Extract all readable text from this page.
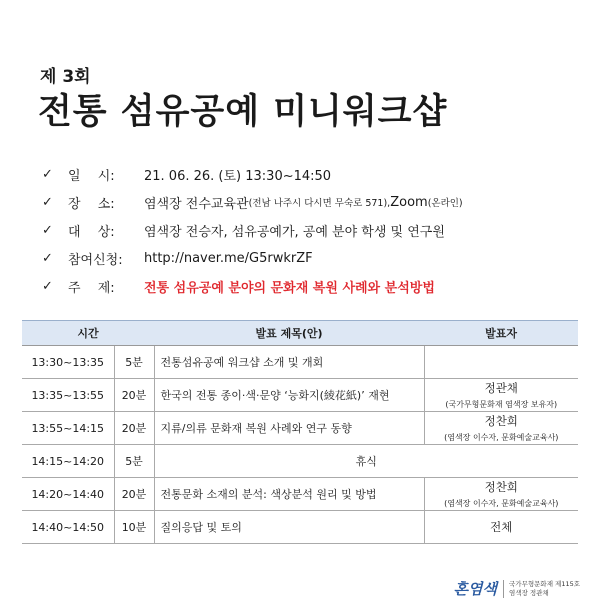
제 3회
전통 섬유공예 미니워크샵
✓	일　 시:	21. 06. 26. (토) 13:30~14:50
✓	장　 소:	염색장 전수교육관 (전남 나주시 다시면 무숙로 571), Zoom (온라인)
✓	대　 상:	염색장 전승자, 섬유공예가, 공예 분야 학생 및 연구원
✓	참여신청:	http://naver.me/G5rwkrZF
✓	주　 제:	전통 섬유공예 분야의 문화재 복원 사례와 분석방법
시간		발표 제목(안)	발표자
13:30~13:35	5분	전통섬유공예 워크샵 소개 및 개회	
13:35~13:55	20분	한국의 전통 종이·색·문양 ‘능화지(綾花紙)’ 재현	정관채
(국가무형문화재 염색장 보유자)

13:55~14:15	20분	지류/의류 문화재 복원 사례와 연구 동향	정찬희
(염색장 이수자, 문화예술교육사)

14:15~14:20	5분	휴식	
14:20~14:40	20분	전통문화 소재의 분석: 색상분석 원리 및 방법	정찬희
(염색장 이수자, 문화예술교육사)

14:40~14:50	10분	질의응답 및 토의	전체
혼염색 국가무형문화재 제115호
염색장 정관채
